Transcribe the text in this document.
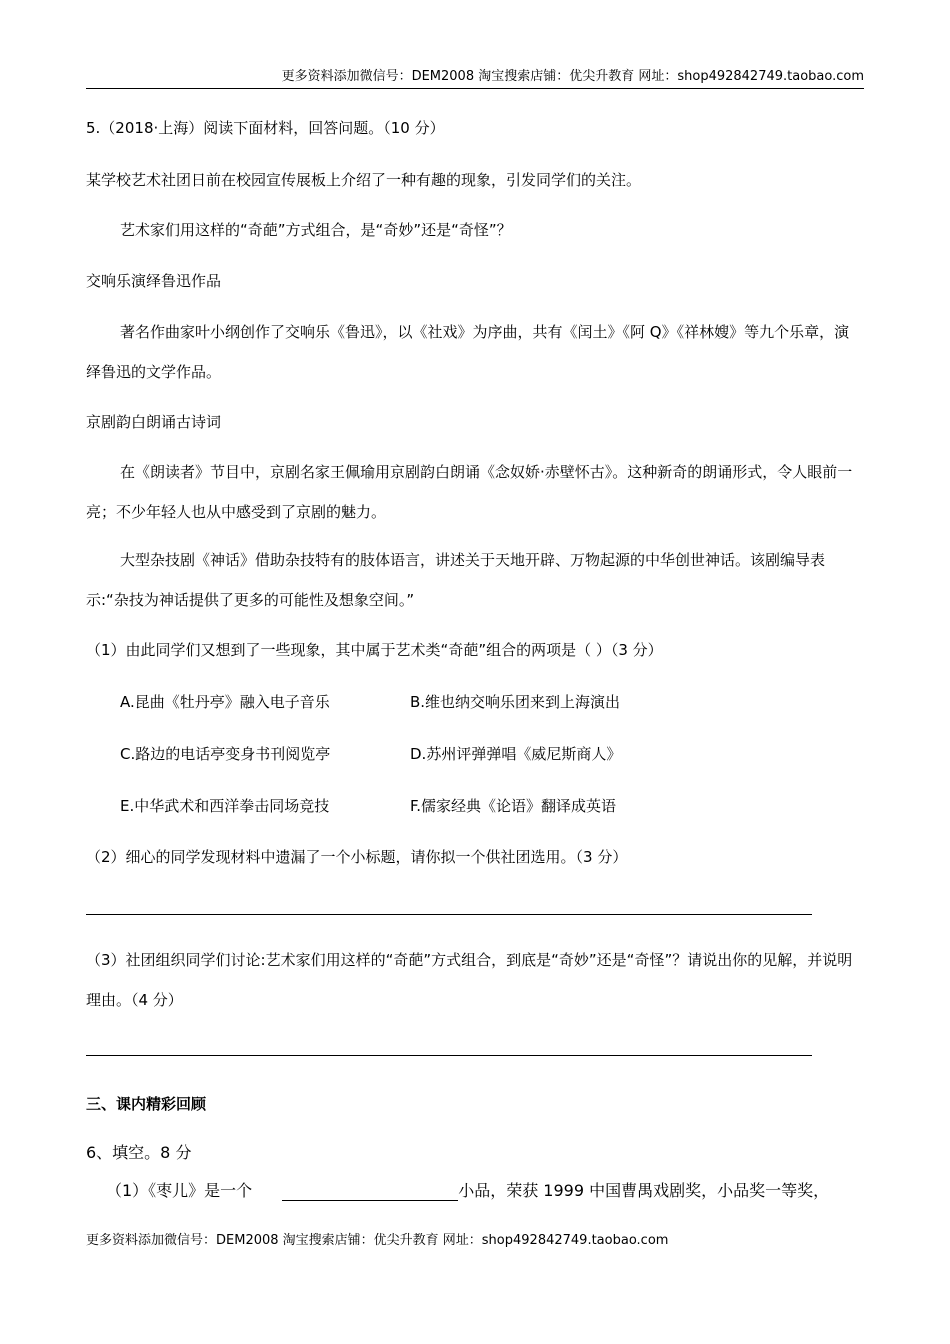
更多资料添加微信号：DEM2008 淘宝搜索店铺：优尖升教育 网址：shop492842749.taobao.com
5.（2018·上海）阅读下面材料，回答问题。（10 分）
某学校艺术社团日前在校园宣传展板上介绍了一种有趣的现象，引发同学们的关注。
艺术家们用这样的“奇葩”方式组合，是“奇妙”还是“奇怪”？
交响乐演绎鲁迅作品
著名作曲家叶小纲创作了交响乐《鲁迅》，以《社戏》为序曲，共有《闰土》《阿 Q》《祥林嫂》等九个乐章，演绎鲁迅的文学作品。
京剧韵白朗诵古诗词
在《朗读者》节目中，京剧名家王佩瑜用京剧韵白朗诵《念奴娇·赤壁怀古》。这种新奇的朗诵形式，令人眼前一亮；不少年轻人也从中感受到了京剧的魅力。
大型杂技剧《神话》借助杂技特有的肢体语言，讲述关于天地开辟、万物起源的中华创世神话。该剧编导表示:“杂技为神话提供了更多的可能性及想象空间。”
（1）由此同学们又想到了一些现象，其中属于艺术类“奇葩”组合的两项是（ ）（3 分）
A.昆曲《牡丹亭》融入电子音乐	B.维也纳交响乐团来到上海演出
C.路边的电话亭变身书刊阅览亭	D.苏州评弹弹唱《威尼斯商人》
E.中华武术和西洋拳击同场竞技	F.儒家经典《论语》翻译成英语
（2）细心的同学发现材料中遗漏了一个小标题，请你拟一个供社团选用。（3 分）
（3）社团组织同学们讨论:艺术家们用这样的“奇葩”方式组合，到底是“奇妙”还是“奇怪”？请说出你的见解，并说明理由。（4 分）
三、课内精彩回顾
6、填空。8 分
（1）《枣儿》是一个	小品，荣获 1999 中国曹禺戏剧奖，小品奖一等奖，
更多资料添加微信号：DEM2008 淘宝搜索店铺：优尖升教育 网址：shop492842749.taobao.com
